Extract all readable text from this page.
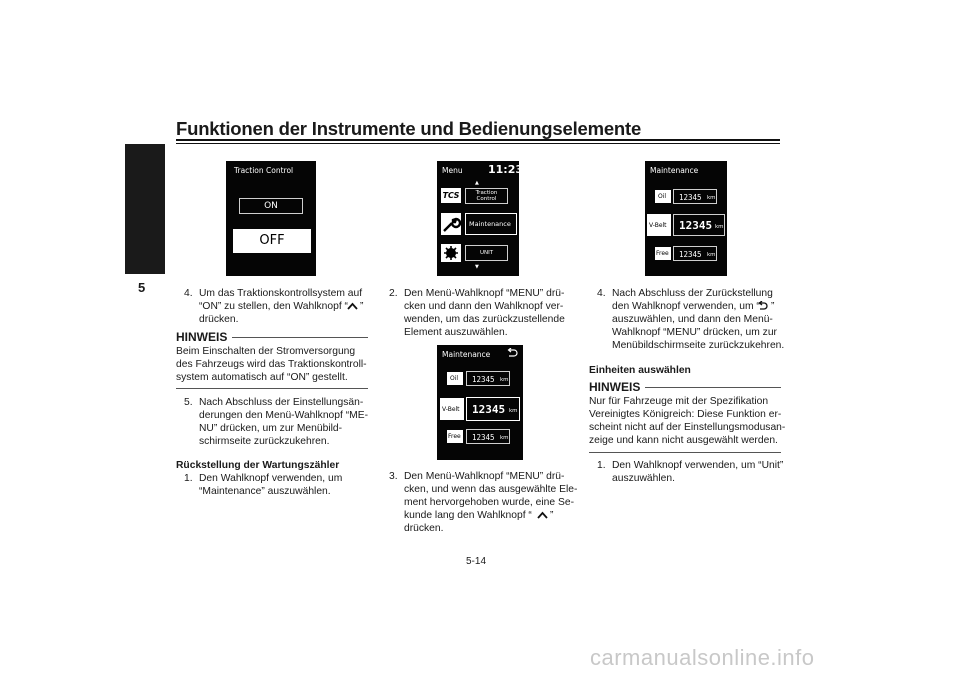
Funktionen der Instrumente und Bedienungselemente
5
Traction Control
ON
OFF
Menu 11:23
▲
TCS	Traction
Control
Maintenance
UNIT
▼
Maintenance
Oil 12345 km
V-Belt 12345 km
Free 12345 km
Maintenance
Oil 12345 km
V-Belt 12345 km
Free 12345 km
4. Um das Traktionskontrollsystem auf
“ON” zu stellen, den Wahlknopf “ ”
drücken.
HINWEIS
Beim Einschalten der Stromversorgung
des Fahrzeugs wird das Traktionskontroll-
system automatisch auf “ON” gestellt.
5. Nach Abschluss der Einstellungsän-
derungen den Menü-Wahlknopf “ME-
NU” drücken, um zur Menübild-
schirmseite zurückzukehren.
Rückstellung der Wartungszähler
1. Den Wahlknopf verwenden, um
“Maintenance” auszuwählen.
2. Den Menü-Wahlknopf “MENU” drü-
cken und dann den Wahlknopf ver-
wenden, um das zurückzustellende
Element auszuwählen.
3. Den Menü-Wahlknopf “MENU” drü-
cken, und wenn das ausgewählte Ele-
ment hervorgehoben wurde, eine Se-
kunde lang den Wahlknopf “ ”
drücken.
4. Nach Abschluss der Zurückstellung
den Wahlknopf verwenden, um “ ”
auszuwählen, und dann den Menü-
Wahlknopf “MENU” drücken, um zur
Menübildschirmseite zurückzukehren.
Einheiten auswählen
HINWEIS
Nur für Fahrzeuge mit der Spezifikation
Vereinigtes Königreich: Diese Funktion er-
scheint nicht auf der Einstellungsmodusan-
zeige und kann nicht ausgewählt werden.
1. Den Wahlknopf verwenden, um “Unit”
auszuwählen.
5-14
carmanualsonline.info
